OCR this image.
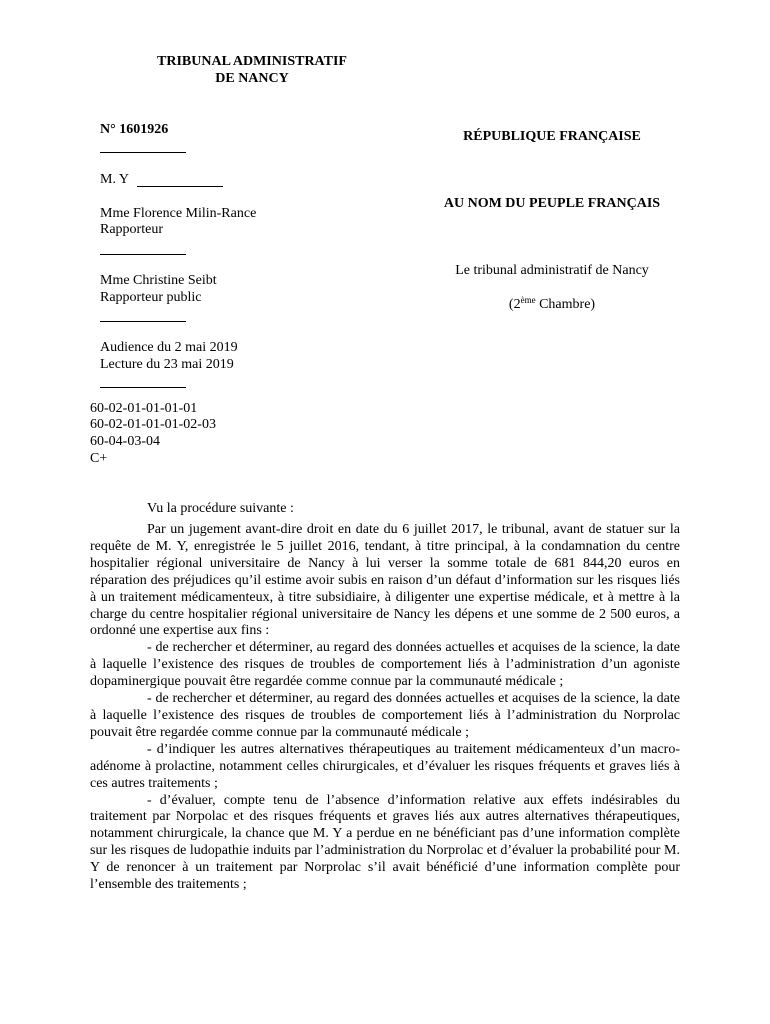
TRIBUNAL ADMINISTRATIF
DE NANCY
N° 1601926
M. Y
Mme Florence Milin-Rance
Rapporteur
Mme Christine Seibt
Rapporteur public
Audience du 2 mai 2019
Lecture du 23 mai 2019
60-02-01-01-01-01
60-02-01-01-01-02-03
60-04-03-04
C+
RÉPUBLIQUE FRANÇAISE
AU NOM DU PEUPLE FRANÇAIS
Le tribunal administratif de Nancy
(2ème Chambre)
Vu la procédure suivante :

Par un jugement avant-dire droit en date du 6 juillet 2017, le tribunal, avant de statuer sur la requête de M. Y, enregistrée le 5 juillet 2016, tendant, à titre principal, à la condamnation du centre hospitalier régional universitaire de Nancy à lui verser la somme totale de 681 844,20 euros en réparation des préjudices qu’il estime avoir subis en raison d’un défaut d’information sur les risques liés à un traitement médicamenteux, à titre subsidiaire, à diligenter une expertise médicale, et à mettre à la charge du centre hospitalier régional universitaire de Nancy les dépens et une somme de 2 500 euros, a ordonné une expertise aux fins :

- de rechercher et déterminer, au regard des données actuelles et acquises de la science, la date à laquelle l’existence des risques de troubles de comportement liés à l’administration d’un agoniste dopaminergique pouvait être regardée comme connue par la communauté médicale ;

- de rechercher et déterminer, au regard des données actuelles et acquises de la science, la date à laquelle l’existence des risques de troubles de comportement liés à l’administration du Norprolac pouvait être regardée comme connue par la communauté médicale ;

- d’indiquer les autres alternatives thérapeutiques au traitement médicamenteux d’un macro-adénome à prolactine, notamment celles chirurgicales, et d’évaluer les risques fréquents et graves liés à ces autres traitements ;

- d’évaluer, compte tenu de l’absence d’information relative aux effets indésirables du traitement par Norpolac et des risques fréquents et graves liés aux autres alternatives thérapeutiques, notamment chirurgicale, la chance que M. Y a perdue en ne bénéficiant pas d’une information complète sur les risques de ludopathie induits par l’administration du Norprolac et d’évaluer la probabilité pour M. Y de renoncer à un traitement par Norprolac s’il avait bénéficié d’une information complète pour l’ensemble des traitements ;
